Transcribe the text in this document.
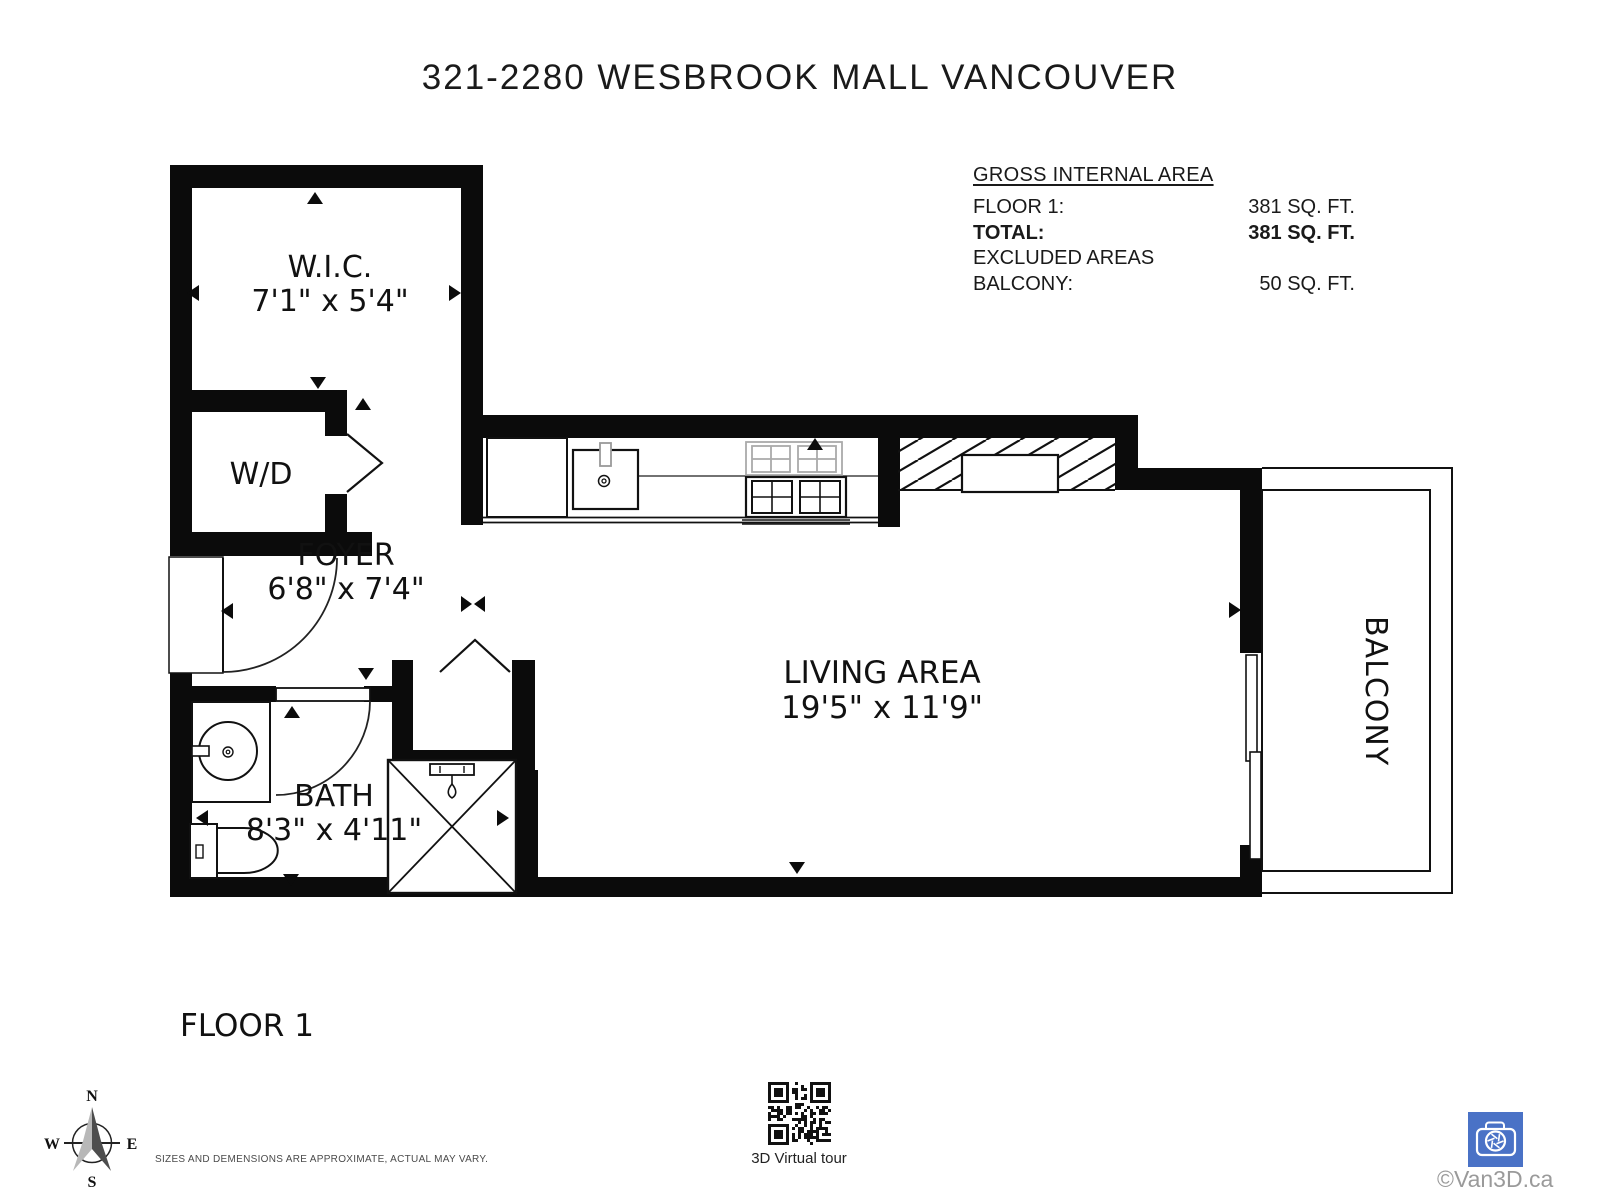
N
W	E
S
321-2280 WESBROOK MALL VANCOUVER
GROSS INTERNAL AREA
FLOOR 1:	381 SQ. FT.
TOTAL:	381 SQ. FT.
EXCLUDED AREAS
BALCONY:	50 SQ. FT.
W.I.C.
7'1" x 5'4"
W/D
FOYER
6'8" x 7'4"
BATH
8'3" x 4'11"
LIVING AREA
19'5" x 11'9"	BALCONY
FLOOR 1
SIZES AND DEMENSIONS ARE APPROXIMATE, ACTUAL MAY VARY.	3D Virtual tour
©Van3D.ca
